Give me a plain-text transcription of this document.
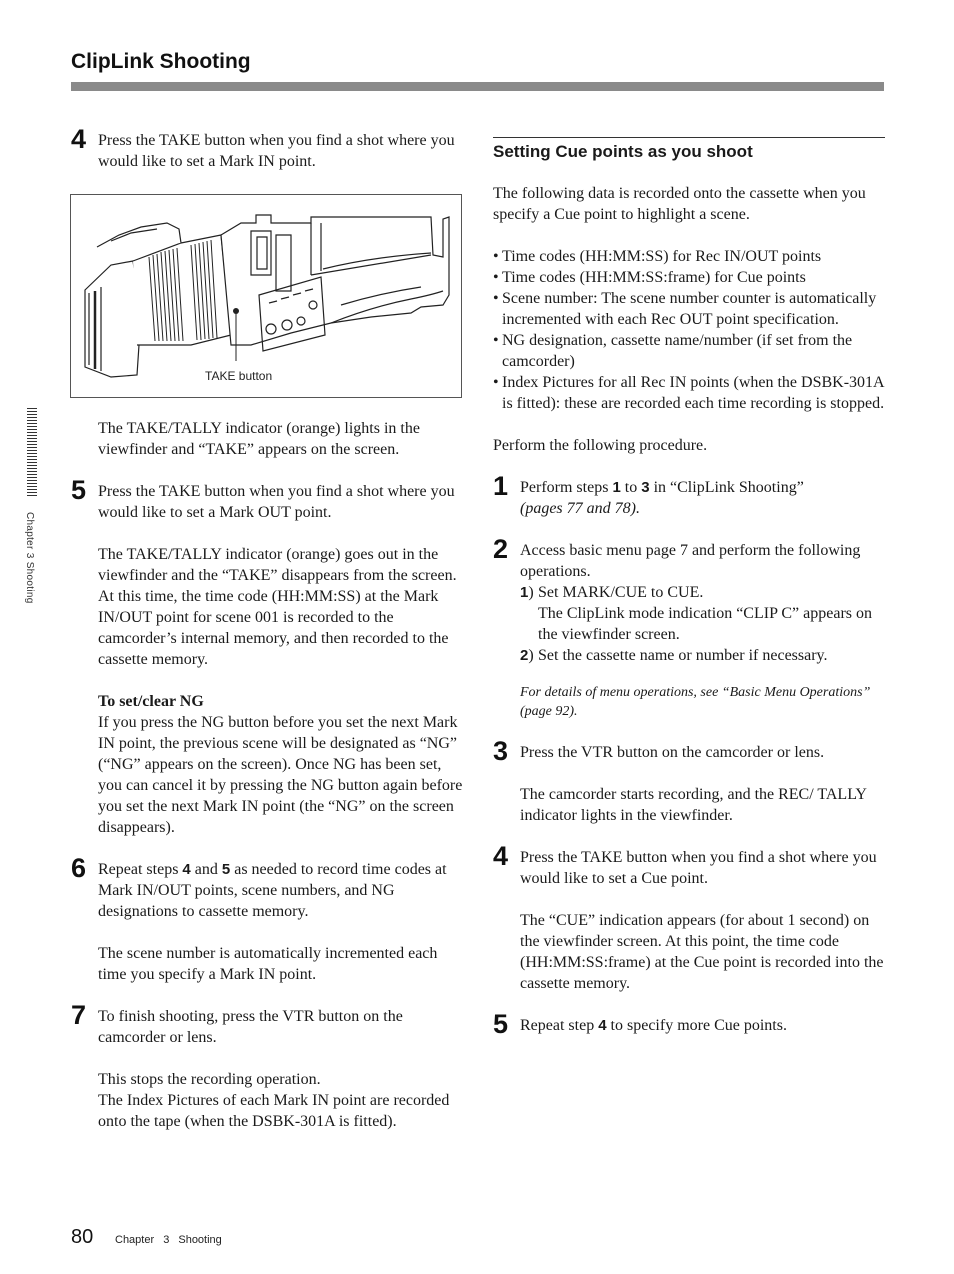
ClipLink Shooting
Chapter 3 Shooting
4 Press the TAKE button when you find a shot where you would like to set a Mark IN point.

TAKE button

The TAKE/TALLY indicator (orange) lights in the viewfinder and “TAKE” appears on the screen.

5 Press the TAKE button when you find a shot where you would like to set a Mark OUT point.

The TAKE/TALLY indicator (orange) goes out in the viewfinder and the “TAKE” disappears from the screen.

At this time, the time code (HH:MM:SS) at the Mark IN/OUT point for scene 001 is recorded to the camcorder’s internal memory, and then recorded to the cassette memory.

To set/clear NG

If you press the NG button before you set the next Mark IN point, the previous scene will be designated as “NG” (“NG” appears on the screen). Once NG has been set, you can cancel it by pressing the NG button again before you set the next Mark IN point (the “NG” on the screen disappears).

6 Repeat steps 4 and 5 as needed to record time codes at Mark IN/OUT points, scene numbers, and NG designations to cassette memory.

The scene number is automatically incremented each time you specify a Mark IN point.

7 To finish shooting, press the VTR button on the camcorder or lens.

This stops the recording operation.

The Index Pictures of each Mark IN point are recorded onto the tape (when the DSBK-301A is fitted).

Setting Cue points as you shoot

The following data is recorded onto the cassette when you specify a Cue point to highlight a scene.

• Time codes (HH:MM:SS) for Rec IN/OUT points
• Time codes (HH:MM:SS:frame) for Cue points
• Scene number: The scene number counter is automatically incremented with each Rec OUT point specification.
• NG designation, cassette name/number (if set from the camcorder)
• Index Pictures for all Rec IN points (when the DSBK-301A is fitted): these are recorded each time recording is stopped.

Perform the following procedure.

1 Perform steps 1 to 3 in “ClipLink Shooting”

(pages 77 and 78).

2 Access basic menu page 7 and perform the following operations.

1) Set MARK/CUE to CUE.

The ClipLink mode indication “CLIP C” appears on the viewfinder screen.

2) Set the cassette name or number if necessary.

For details of menu operations, see “Basic Menu Operations” (page 92).

3 Press the VTR button on the camcorder or lens.

The camcorder starts recording, and the REC/ TALLY indicator lights in the viewfinder.

4 Press the TAKE button when you find a shot where you would like to set a Cue point.

The “CUE” indication appears (for about 1 second) on the viewfinder screen. At this point, the time code (HH:MM:SS:frame) at the Cue point is recorded into the cassette memory.

5 Repeat step 4 to specify more Cue points.

80 Chapter 3 Shooting
